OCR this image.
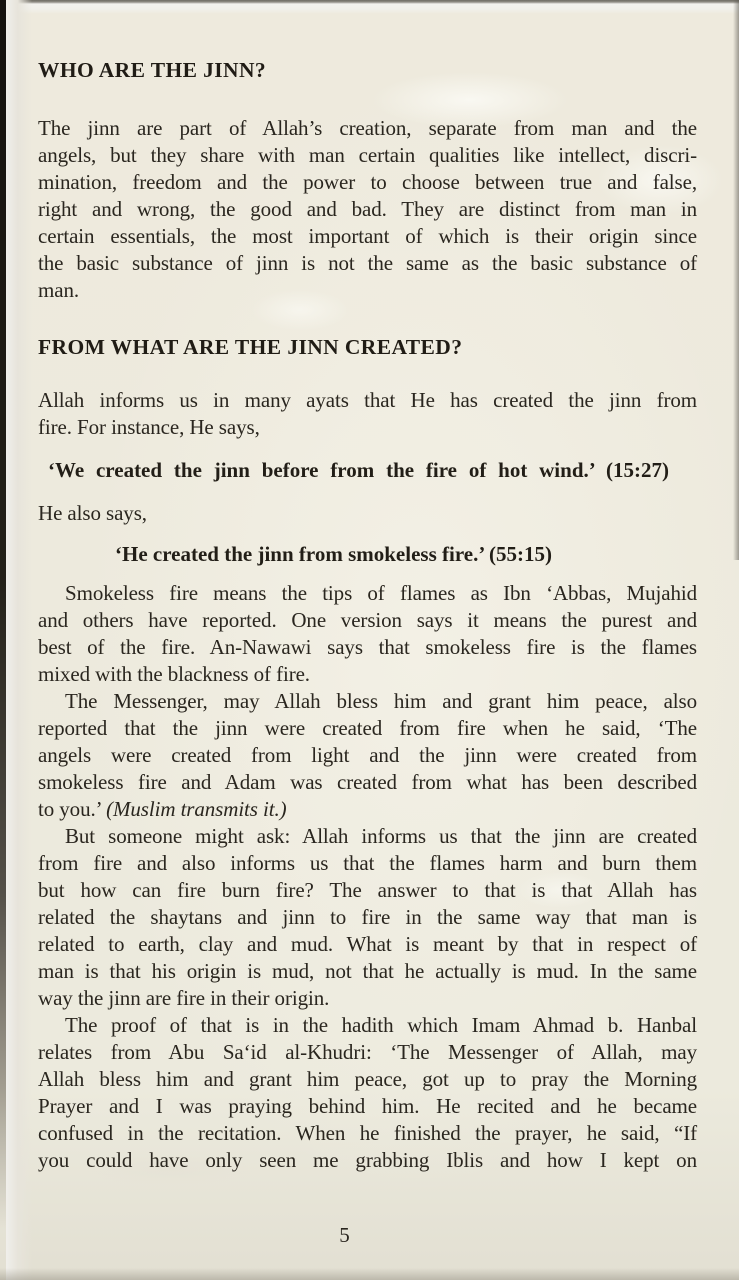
WHO ARE THE JINN?

The jinn are part of Allah’s creation, separate from man and the
angels, but they share with man certain qualities like intellect, discri-
mination, freedom and the power to choose between true and false,
right and wrong, the good and bad. They are distinct from man in
certain essentials, the most important of which is their origin since
the basic substance of jinn is not the same as the basic substance of
man.

FROM WHAT ARE THE JINN CREATED?

Allah informs us in many ayats that He has created the jinn from
fire. For instance, He says,

‘We created the jinn before from the fire of hot wind.’ (15:27)

He also says,

‘He created the jinn from smokeless fire.’ (55:15)

Smokeless fire means the tips of flames as Ibn ‘Abbas, Mujahid
and others have reported. One version says it means the purest and
best of the fire. An-Nawawi says that smokeless fire is the flames
mixed with the blackness of fire.

The Messenger, may Allah bless him and grant him peace, also
reported that the jinn were created from fire when he said, ‘The
angels were created from light and the jinn were created from
smokeless fire and Adam was created from what has been described
to you.’ (Muslim transmits it.)

But someone might ask: Allah informs us that the jinn are created
from fire and also informs us that the flames harm and burn them
but how can fire burn fire? The answer to that is that Allah has
related the shaytans and jinn to fire in the same way that man is
related to earth, clay and mud. What is meant by that in respect of
man is that his origin is mud, not that he actually is mud. In the same
way the jinn are fire in their origin.

The proof of that is in the hadith which Imam Ahmad b. Hanbal
relates from Abu Sa‘id al-Khudri: ‘The Messenger of Allah, may
Allah bless him and grant him peace, got up to pray the Morning
Prayer and I was praying behind him. He recited and he became
confused in the recitation. When he finished the prayer, he said, “If
you could have only seen me grabbing Iblis and how I kept on

5
